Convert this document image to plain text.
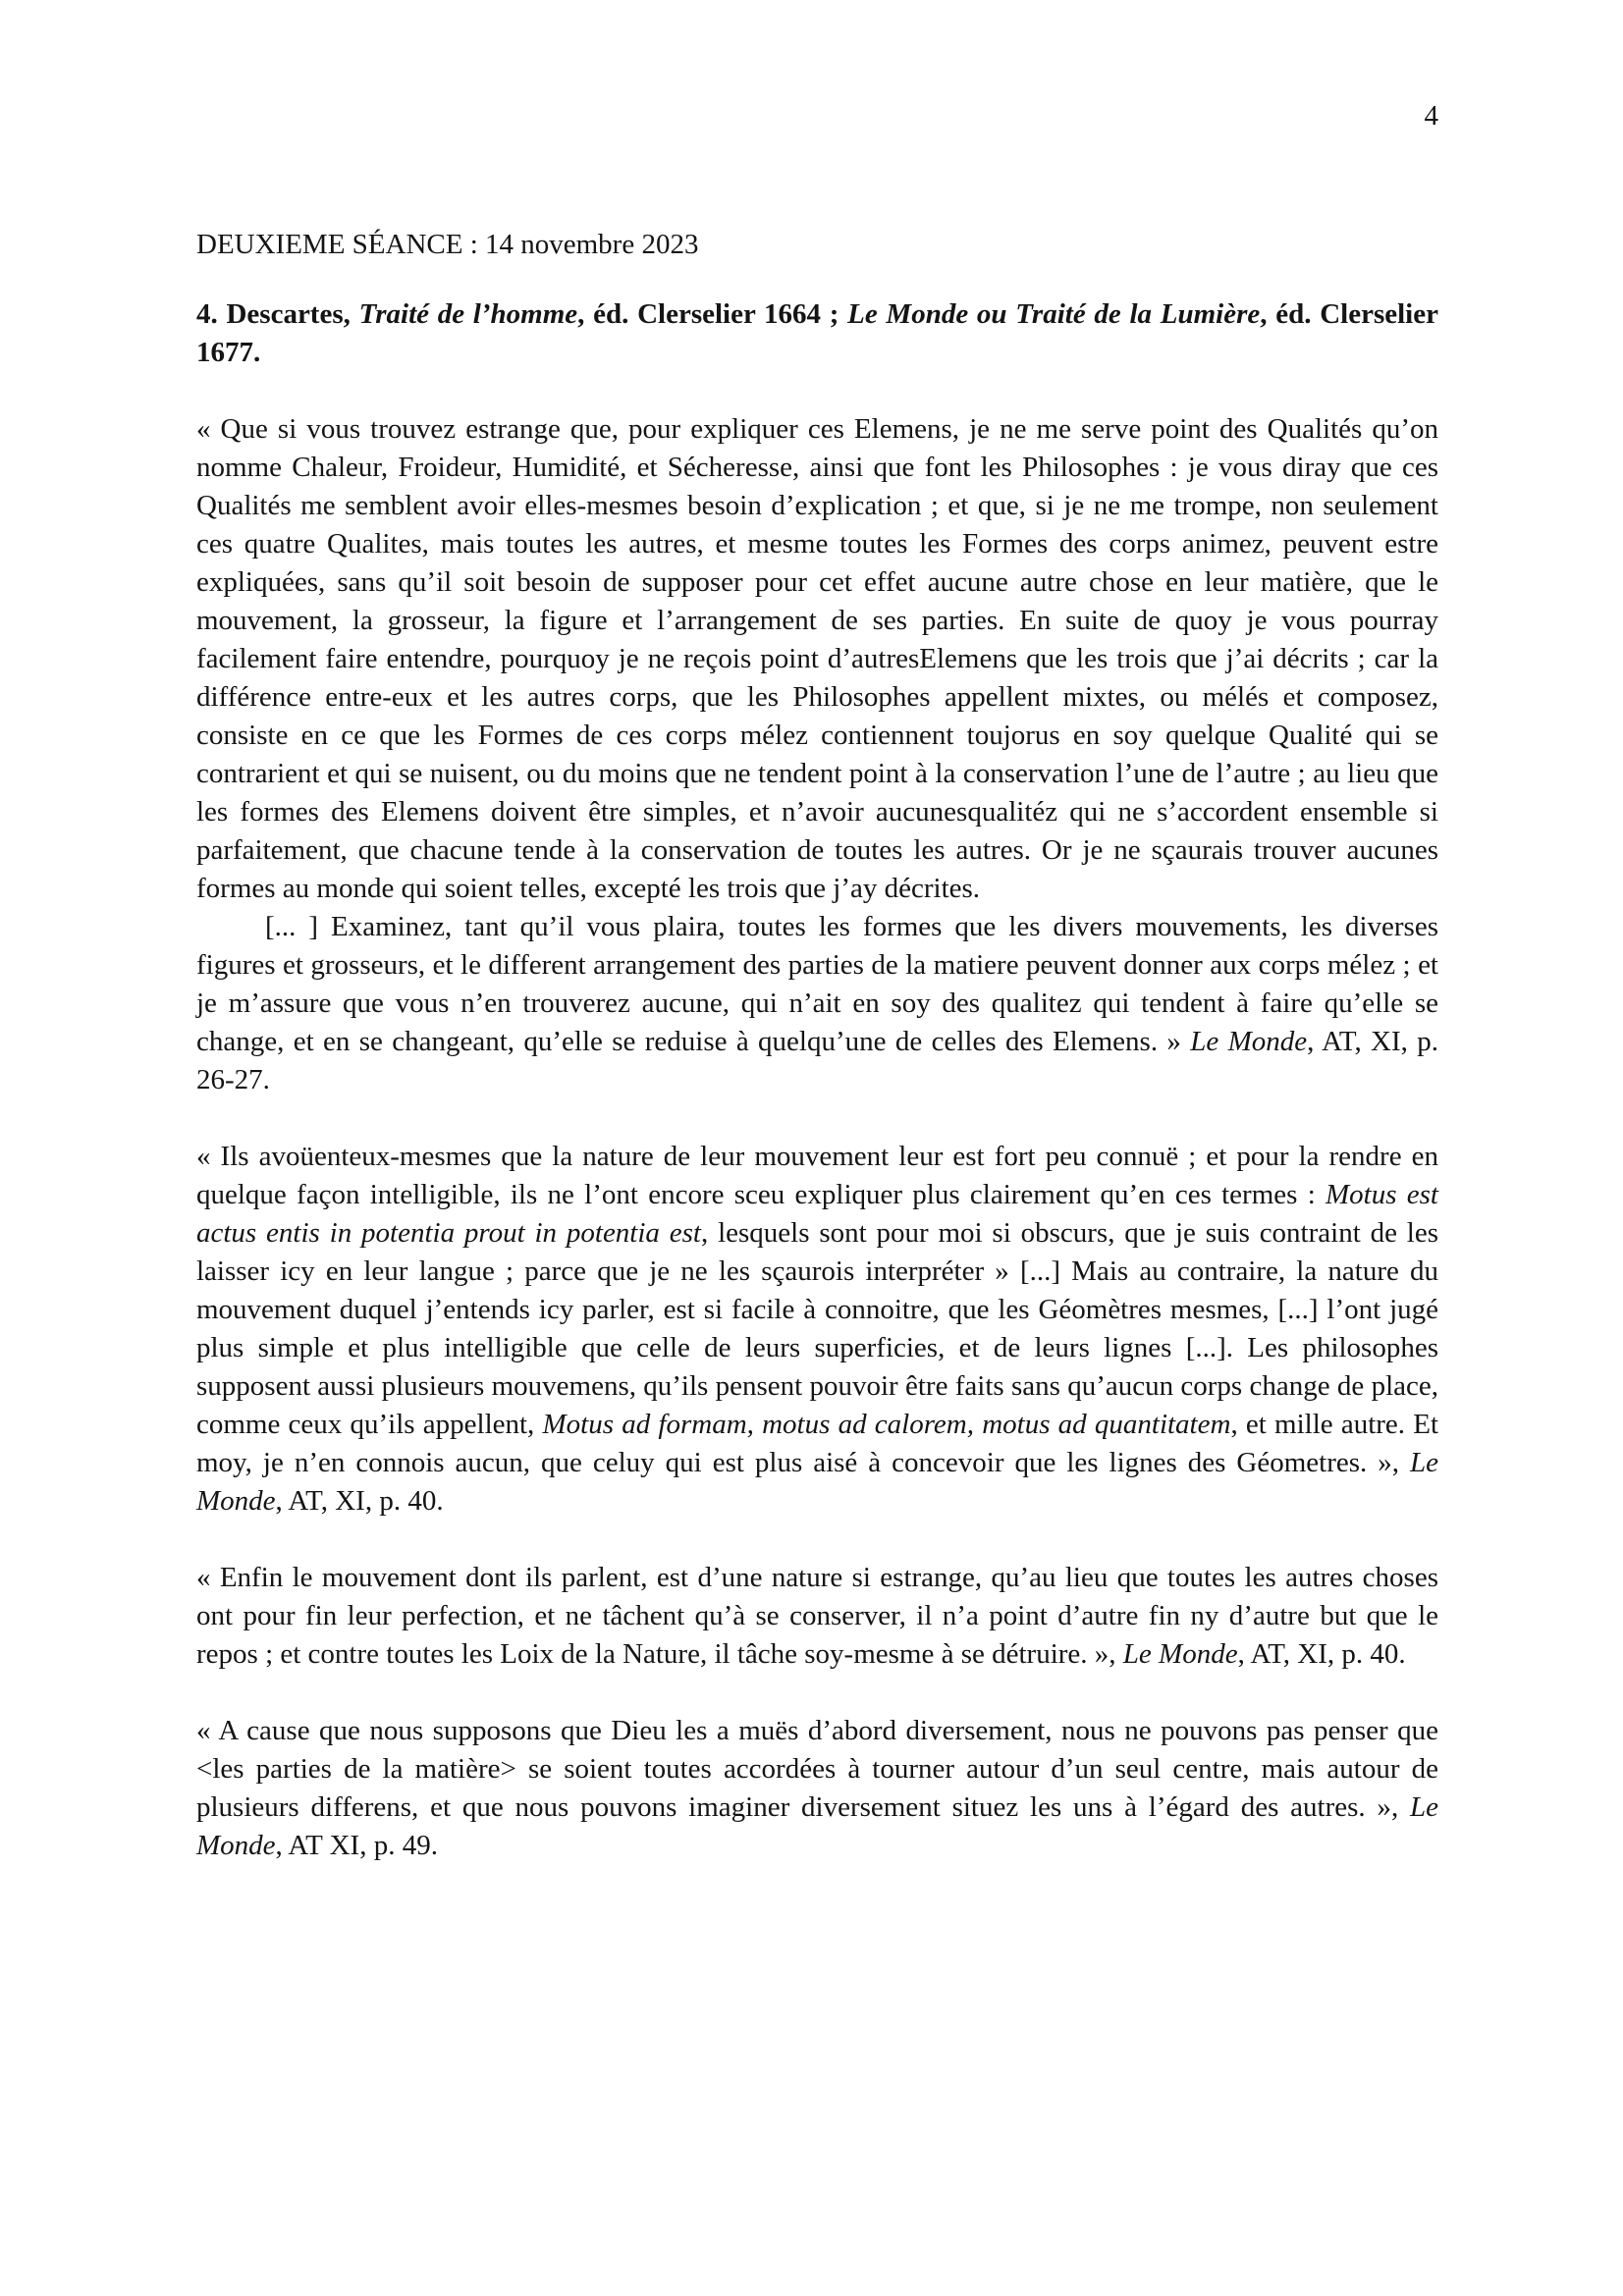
4
DEUXIEME SÉANCE : 14 novembre 2023
4. Descartes, Traité de l’homme, éd. Clerselier 1664 ; Le Monde ou Traité de la Lumière, éd. Clerselier 1677.

« Que si vous trouvez estrange que, pour expliquer ces Elemens, je ne me serve point des Qualités qu’on nomme Chaleur, Froideur, Humidité, et Sécheresse, ainsi que font les Philosophes : je vous diray que ces Qualités me semblent avoir elles-mesmes besoin d’explication ; et que, si je ne me trompe, non seulement ces quatre Qualites, mais toutes les autres, et mesme toutes les Formes des corps animez, peuvent estre expliquées, sans qu’il soit besoin de supposer pour cet effet aucune autre chose en leur matière, que le mouvement, la grosseur, la figure et l’arrangement de ses parties. En suite de quoy je vous pourray facilement faire entendre, pourquoy je ne reçois point d’autresElemens que les trois que j’ai décrits ; car la différence entre-eux et les autres corps, que les Philosophes appellent mixtes, ou mélés et composez, consiste en ce que les Formes de ces corps mélez contiennent toujorus en soy quelque Qualité qui se contrarient et qui se nuisent, ou du moins que ne tendent point à la conservation l’une de l’autre ; au lieu que les formes des Elemens doivent être simples, et n’avoir aucunesqualitéz qui ne s’accordent ensemble si parfaitement, que chacune tende à la conservation de toutes les autres. Or je ne sçaurais trouver aucunes formes au monde qui soient telles, excepté les trois que j’ay décrites.

[... ] Examinez, tant qu’il vous plaira, toutes les formes que les divers mouvements, les diverses figures et grosseurs, et le different arrangement des parties de la matiere peuvent donner aux corps mélez ; et je m’assure que vous n’en trouverez aucune, qui n’ait en soy des qualitez qui tendent à faire qu’elle se change, et en se changeant, qu’elle se reduise à quelqu’une de celles des Elemens. » Le Monde, AT, XI, p. 26-27.

« Ils avoüenteux-mesmes que la nature de leur mouvement leur est fort peu connuë ; et pour la rendre en quelque façon intelligible, ils ne l’ont encore sceu expliquer plus clairement qu’en ces termes : Motus est actus entis in potentia prout in potentia est, lesquels sont pour moi si obscurs, que je suis contraint de les laisser icy en leur langue ; parce que je ne les sçaurois interpréter » [...] Mais au contraire, la nature du mouvement duquel j’entends icy parler, est si facile à connoitre, que les Géomètres mesmes, [...] l’ont jugé plus simple et plus intelligible que celle de leurs superficies, et de leurs lignes [...]. Les philosophes supposent aussi plusieurs mouvemens, qu’ils pensent pouvoir être faits sans qu’aucun corps change de place, comme ceux qu’ils appellent, Motus ad formam, motus ad calorem, motus ad quantitatem, et mille autre. Et moy, je n’en connois aucun, que celuy qui est plus aisé à concevoir que les lignes des Géometres. », Le Monde, AT, XI, p. 40.
« Enfin le mouvement dont ils parlent, est d’une nature si estrange, qu’au lieu que toutes les autres choses ont pour fin leur perfection, et ne tâchent qu’à se conserver, il n’a point d’autre fin ny d’autre but que le repos ; et contre toutes les Loix de la Nature, il tâche soy-mesme à se détruire. », Le Monde, AT, XI, p. 40.
« A cause que nous supposons que Dieu les a muës d’abord diversement, nous ne pouvons pas penser que <les parties de la matière> se soient toutes accordées à tourner autour d’un seul centre, mais autour de plusieurs differens, et que nous pouvons imaginer diversement situez les uns à l’égard des autres. », Le Monde, AT XI, p. 49.
